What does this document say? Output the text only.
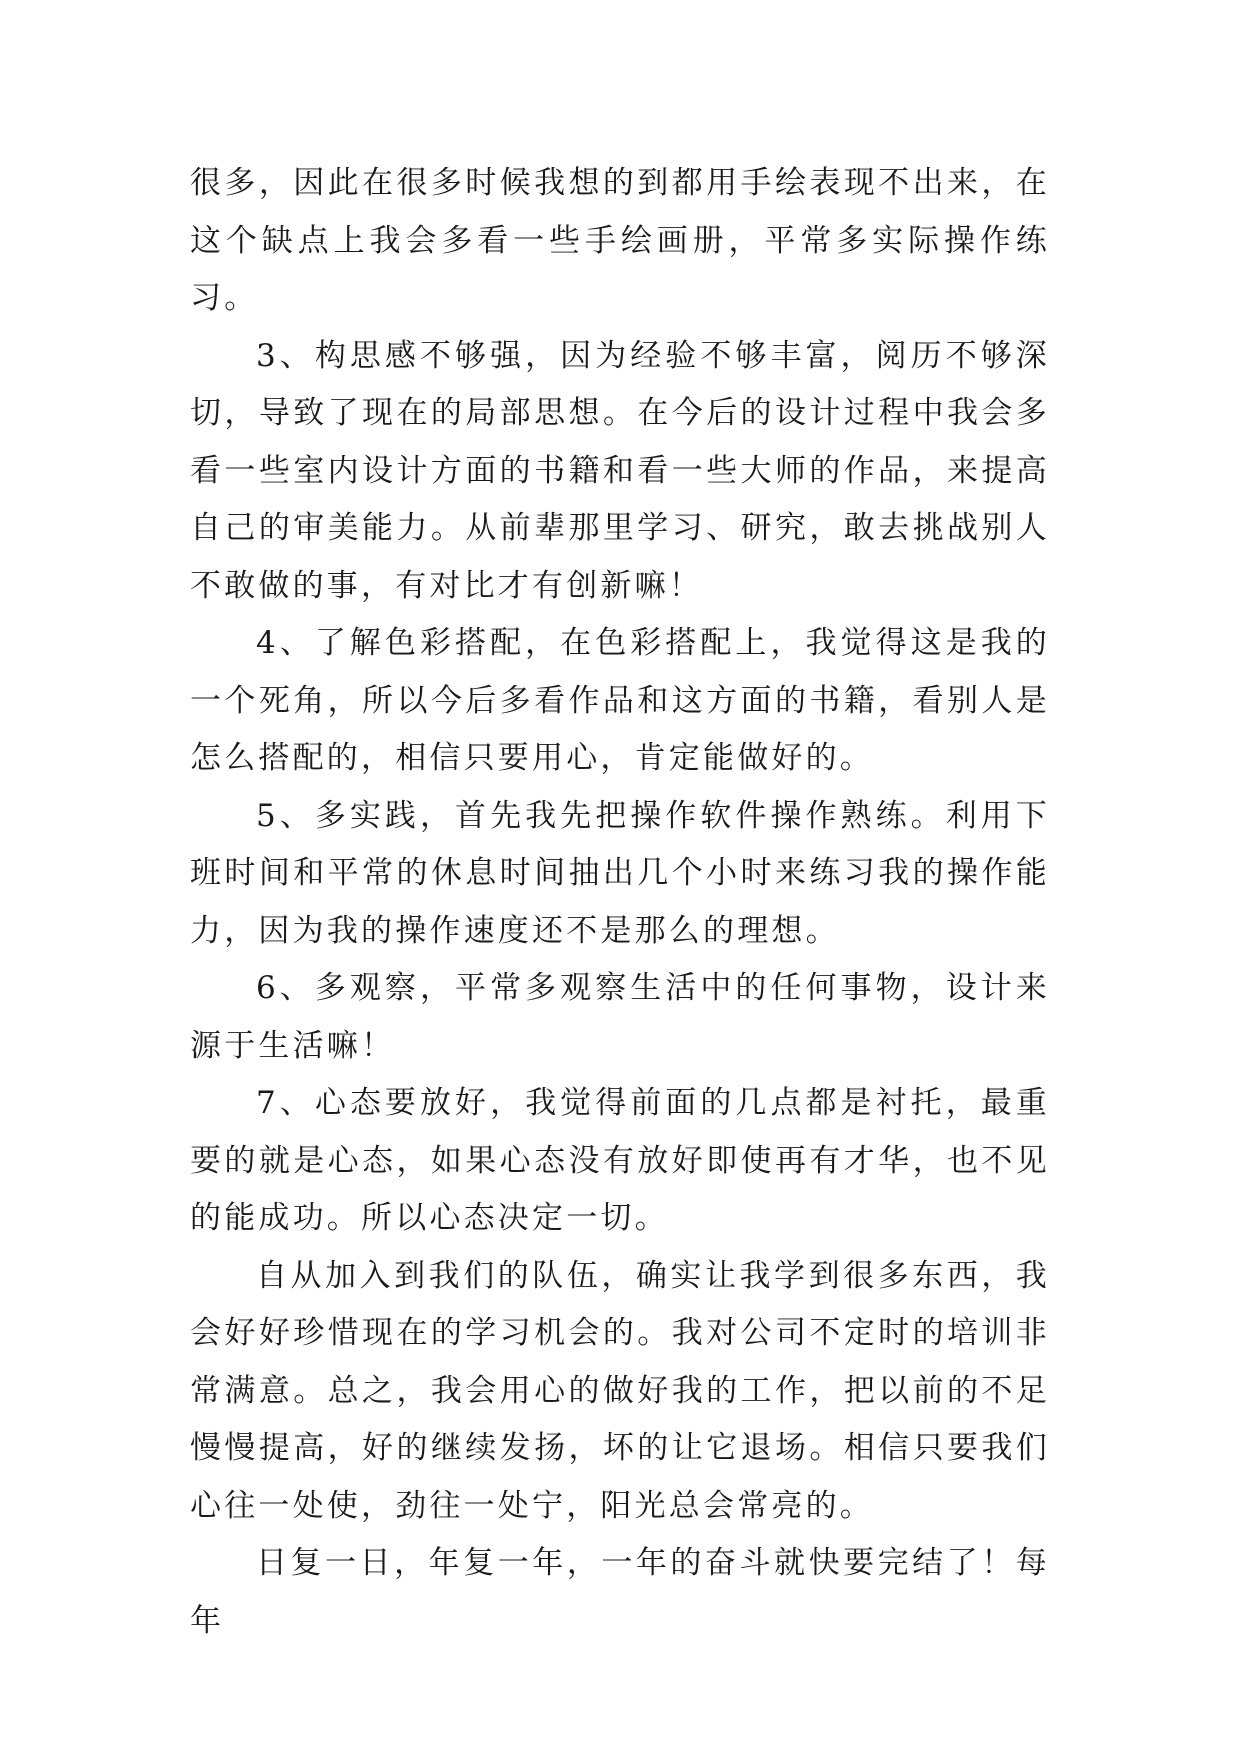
很多，因此在很多时候我想的到都用手绘表现不出来，在这个缺点上我会多看一些手绘画册，平常多实际操作练习。

3、构思感不够强，因为经验不够丰富，阅历不够深切，导致了现在的局部思想。在今后的设计过程中我会多看一些室内设计方面的书籍和看一些大师的作品，来提高自己的审美能力。从前辈那里学习、研究，敢去挑战别人不敢做的事，有对比才有创新嘛！

4、了解色彩搭配，在色彩搭配上，我觉得这是我的一个死角，所以今后多看作品和这方面的书籍，看别人是怎么搭配的，相信只要用心，肯定能做好的。

5、多实践，首先我先把操作软件操作熟练。利用下班时间和平常的休息时间抽出几个小时来练习我的操作能力，因为我的操作速度还不是那么的理想。

6、多观察，平常多观察生活中的任何事物，设计来源于生活嘛！

7、心态要放好，我觉得前面的几点都是衬托，最重要的就是心态，如果心态没有放好即使再有才华，也不见的能成功。所以心态决定一切。

自从加入到我们的队伍，确实让我学到很多东西，我会好好珍惜现在的学习机会的。我对公司不定时的培训非常满意。总之，我会用心的做好我的工作，把以前的不足慢慢提高，好的继续发扬，坏的让它退场。相信只要我们心往一处使，劲往一处宁，阳光总会常亮的。

日复一日，年复一年，一年的奋斗就快要完结了！每年
